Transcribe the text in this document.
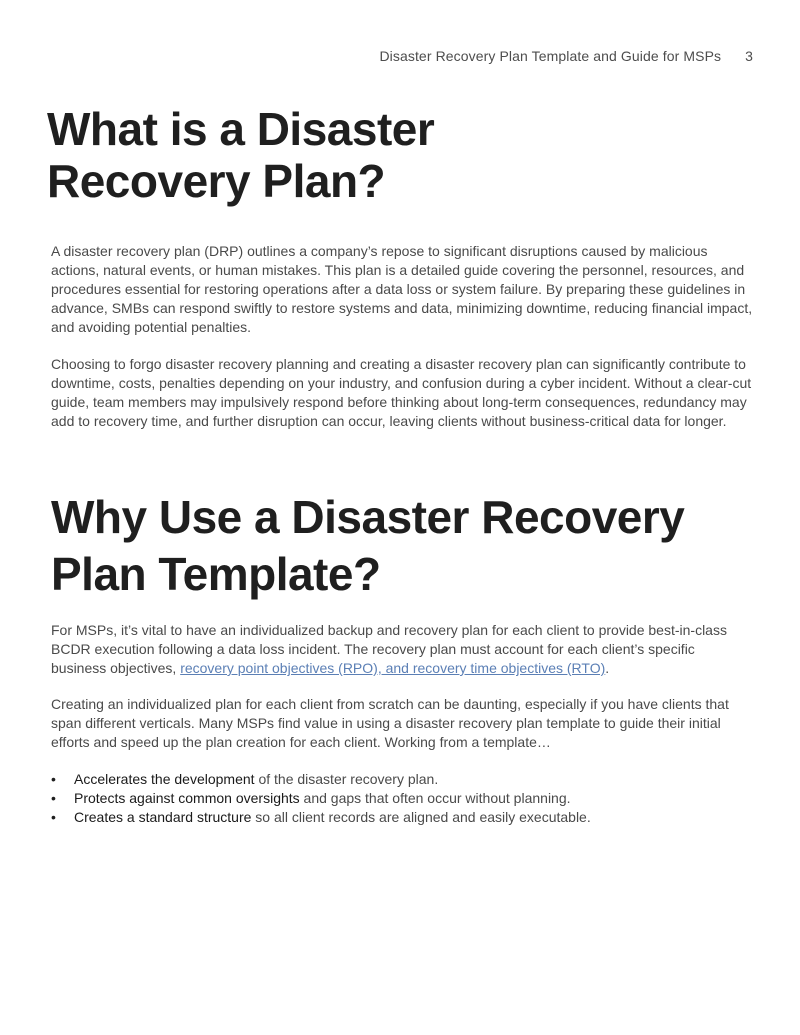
Disaster Recovery Plan Template and Guide for MSPs 3
What is a Disaster Recovery Plan?

A disaster recovery plan (DRP) outlines a company’s repose to significant disruptions caused by malicious actions, natural events, or human mistakes. This plan is a detailed guide covering the personnel, resources, and procedures essential for restoring operations after a data loss or system failure. By preparing these guidelines in advance, SMBs can respond swiftly to restore systems and data, minimizing downtime, reducing financial impact, and avoiding potential penalties.

Choosing to forgo disaster recovery planning and creating a disaster recovery plan can significantly contribute to downtime, costs, penalties depending on your industry, and confusion during a cyber incident. Without a clear-cut guide, team members may impulsively respond before thinking about long-term consequences, redundancy may add to recovery time, and further disruption can occur, leaving clients without business-critical data for longer.

Why Use a Disaster Recovery Plan Template?

For MSPs, it’s vital to have an individualized backup and recovery plan for each client to provide best-in-class BCDR execution following a data loss incident. The recovery plan must account for each client’s specific business objectives, recovery point objectives (RPO), and recovery time objectives (RTO).

Creating an individualized plan for each client from scratch can be daunting, especially if you have clients that span different verticals. Many MSPs find value in using a disaster recovery plan template to guide their initial efforts and speed up the plan creation for each client. Working from a template…

• Accelerates the development of the disaster recovery plan.
• Protects against common oversights and gaps that often occur without planning.
• Creates a standard structure so all client records are aligned and easily executable.
